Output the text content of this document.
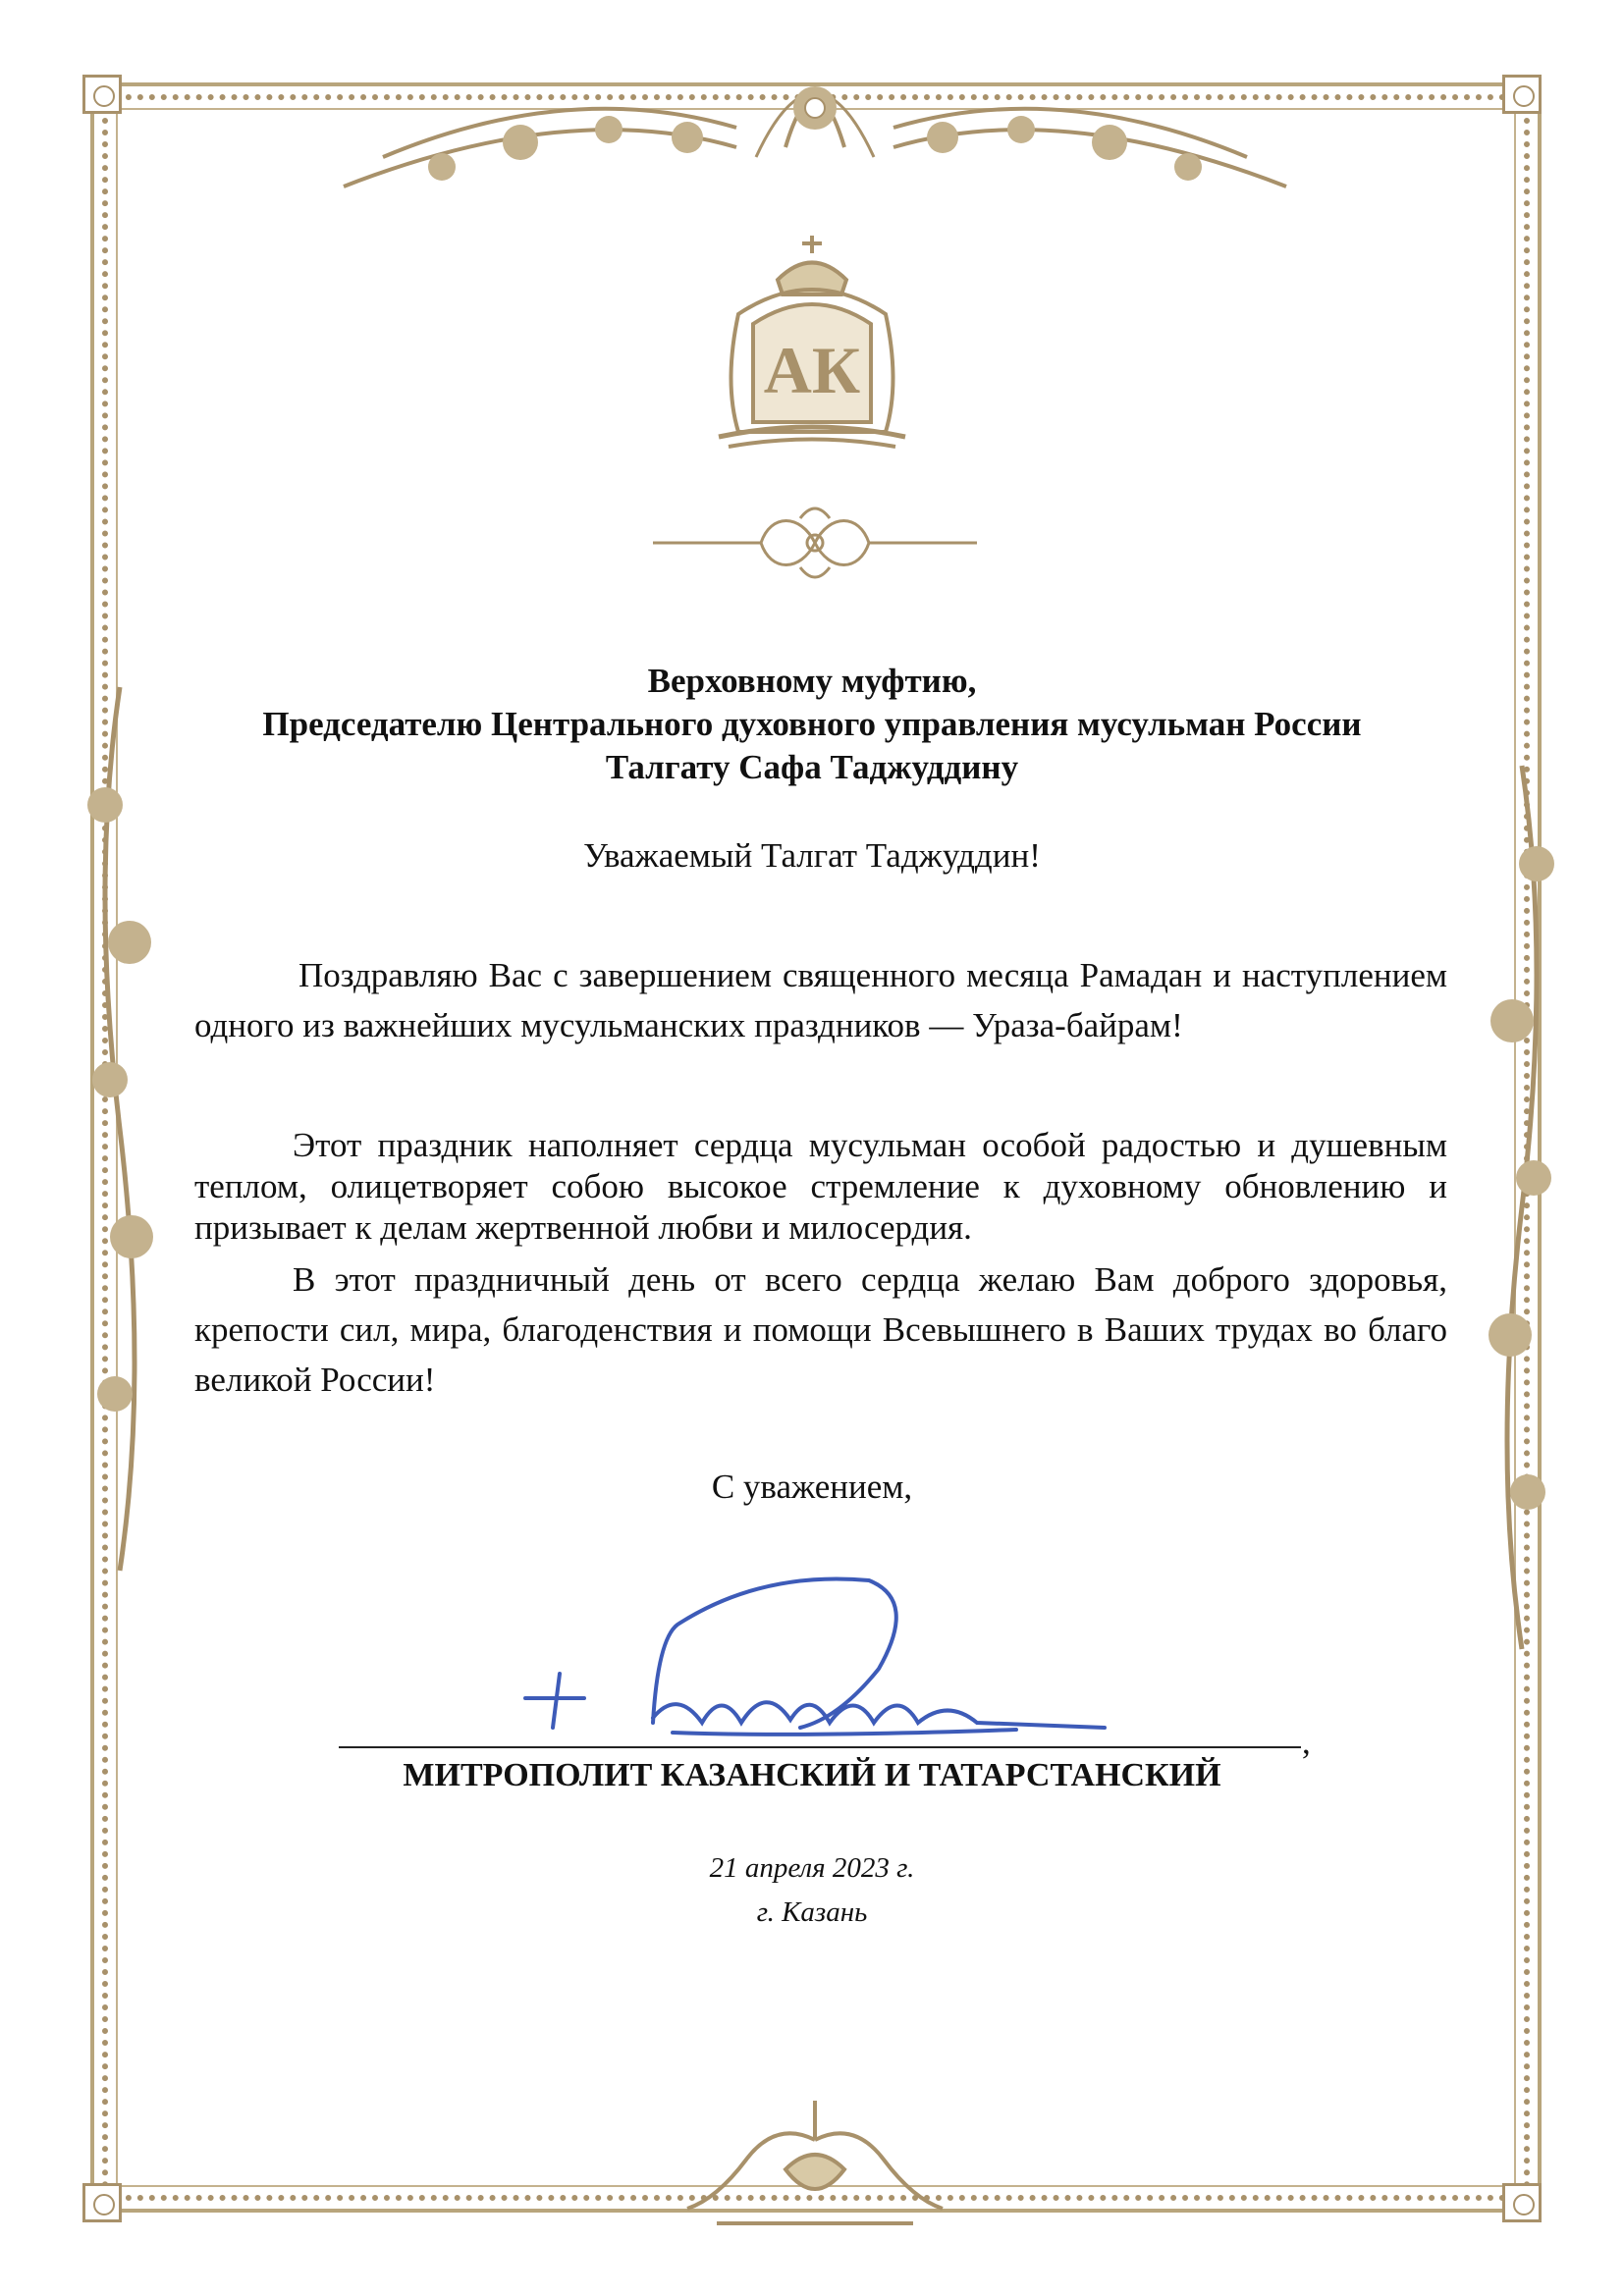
АК
Верховному муфтию,
Председателю Центрального духовного управления мусульман России
Талгату Сафа Таджуддину
Уважаемый Талгат Таджуддин!

Поздравляю Вас с завершением священного месяца Рамадан и наступлением одного из важнейших мусульманских праздников — Ураза-байрам!

Этот праздник наполняет сердца мусульман особой радостью и душевным теплом, олицетворяет собою высокое стремление к духовному обновлению и призывает к делам жертвенной любви и милосердия.

В этот праздничный день от всего сердца желаю Вам доброго здоровья, крепости сил, мира, благоденствия и помощи Всевышнего в Ваших трудах во благо великой России!

С уважением,
,
МИТРОПОЛИТ КАЗАНСКИЙ И ТАТАРСТАНСКИЙ
21 апреля 2023 г.
г. Казань
